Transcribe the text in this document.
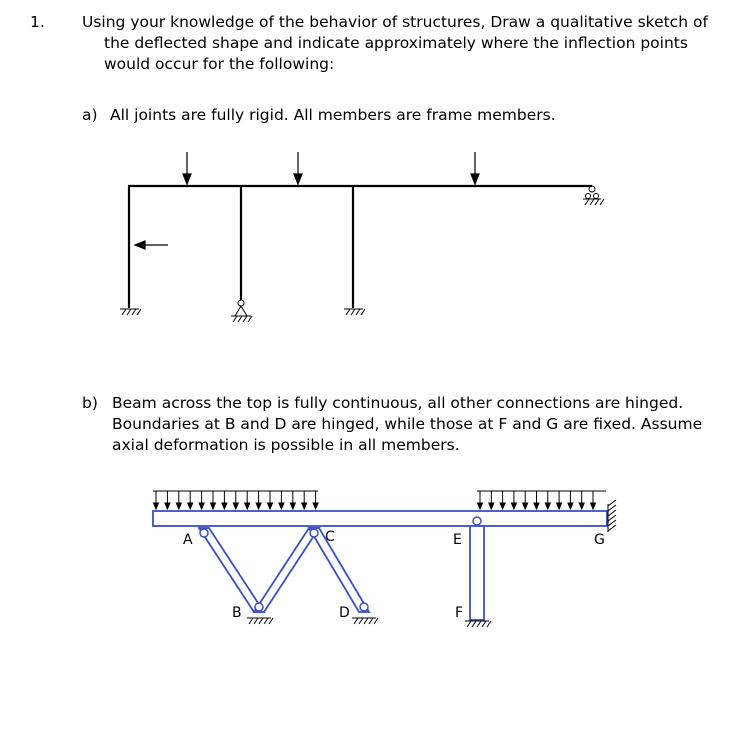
1. Using your knowledge of the behavior of structures, Draw a qualitative sketch of
the deflected shape and indicate approximately where the inflection points
would occur for the following:
a) All joints are fully rigid. All members are frame members.
b) Beam across the top is fully continuous, all other connections are hinged.
Boundaries at B and D are hinged, while those at F and G are fixed. Assume
axial deformation is possible in all members.
A
B
C
D
E
F
G
